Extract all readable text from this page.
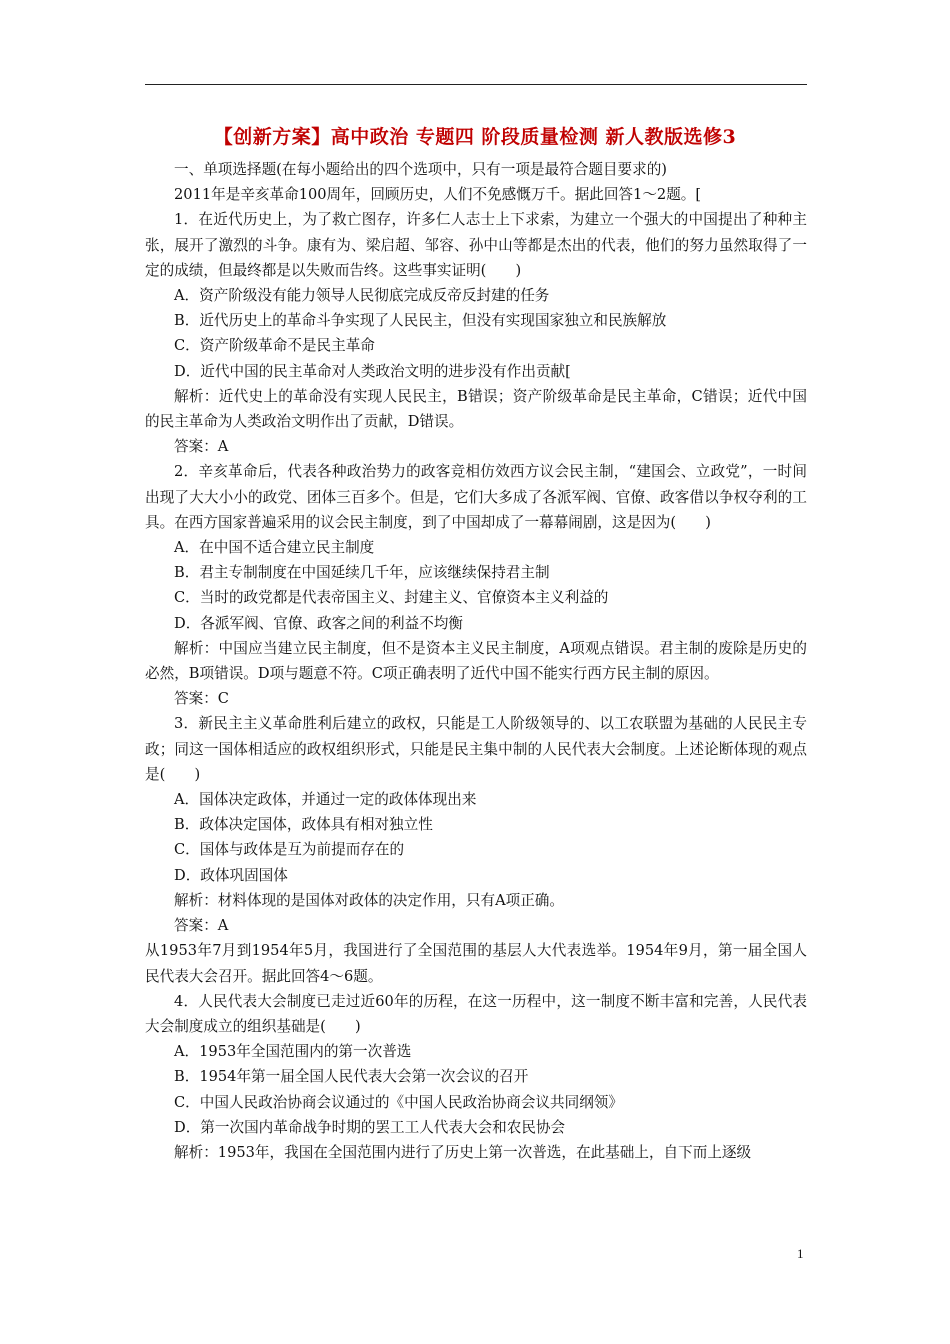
【创新方案】高中政治 专题四 阶段质量检测 新人教版选修3

一、单项选择题(在每小题给出的四个选项中，只有一项是最符合题目要求的)

2011年是辛亥革命100周年，回顾历史，人们不免感慨万千。据此回答1～2题。[

1．在近代历史上，为了救亡图存，许多仁人志士上下求索，为建立一个强大的中国提出了种种主张，展开了激烈的斗争。康有为、梁启超、邹容、孙中山等都是杰出的代表，他们的努力虽然取得了一定的成绩，但最终都是以失败而告终。这些事实证明(　　)

A．资产阶级没有能力领导人民彻底完成反帝反封建的任务

B．近代历史上的革命斗争实现了人民民主，但没有实现国家独立和民族解放

C．资产阶级革命不是民主革命

D．近代中国的民主革命对人类政治文明的进步没有作出贡献[

解析：近代史上的革命没有实现人民民主，B错误；资产阶级革命是民主革命，C错误；近代中国的民主革命为人类政治文明作出了贡献，D错误。

答案：A

2．辛亥革命后，代表各种政治势力的政客竞相仿效西方议会民主制，“建国会、立政党”，一时间出现了大大小小的政党、团体三百多个。但是，它们大多成了各派军阀、官僚、政客借以争权夺利的工具。在西方国家普遍采用的议会民主制度，到了中国却成了一幕幕闹剧，这是因为(　　)

A．在中国不适合建立民主制度

B．君主专制制度在中国延续几千年，应该继续保持君主制

C．当时的政党都是代表帝国主义、封建主义、官僚资本主义利益的

D．各派军阀、官僚、政客之间的利益不均衡

解析：中国应当建立民主制度，但不是资本主义民主制度，A项观点错误。君主制的废除是历史的必然，B项错误。D项与题意不符。C项正确表明了近代中国不能实行西方民主制的原因。

答案：C

3．新民主主义革命胜利后建立的政权，只能是工人阶级领导的、以工农联盟为基础的人民民主专政；同这一国体相适应的政权组织形式，只能是民主集中制的人民代表大会制度。上述论断体现的观点是(　　)

A．国体决定政体，并通过一定的政体体现出来

B．政体决定国体，政体具有相对独立性

C．国体与政体是互为前提而存在的

D．政体巩固国体

解析：材料体现的是国体对政体的决定作用，只有A项正确。

答案：A

从1953年7月到1954年5月，我国进行了全国范围的基层人大代表选举。1954年9月，第一届全国人民代表大会召开。据此回答4～6题。

4．人民代表大会制度已走过近60年的历程，在这一历程中，这一制度不断丰富和完善，人民代表大会制度成立的组织基础是(　　)

A．1953年全国范围内的第一次普选

B．1954年第一届全国人民代表大会第一次会议的召开

C．中国人民政治协商会议通过的《中国人民政治协商会议共同纲领》

D．第一次国内革命战争时期的罢工工人代表大会和农民协会

解析：1953年，我国在全国范围内进行了历史上第一次普选，在此基础上，自下而上逐级

1
